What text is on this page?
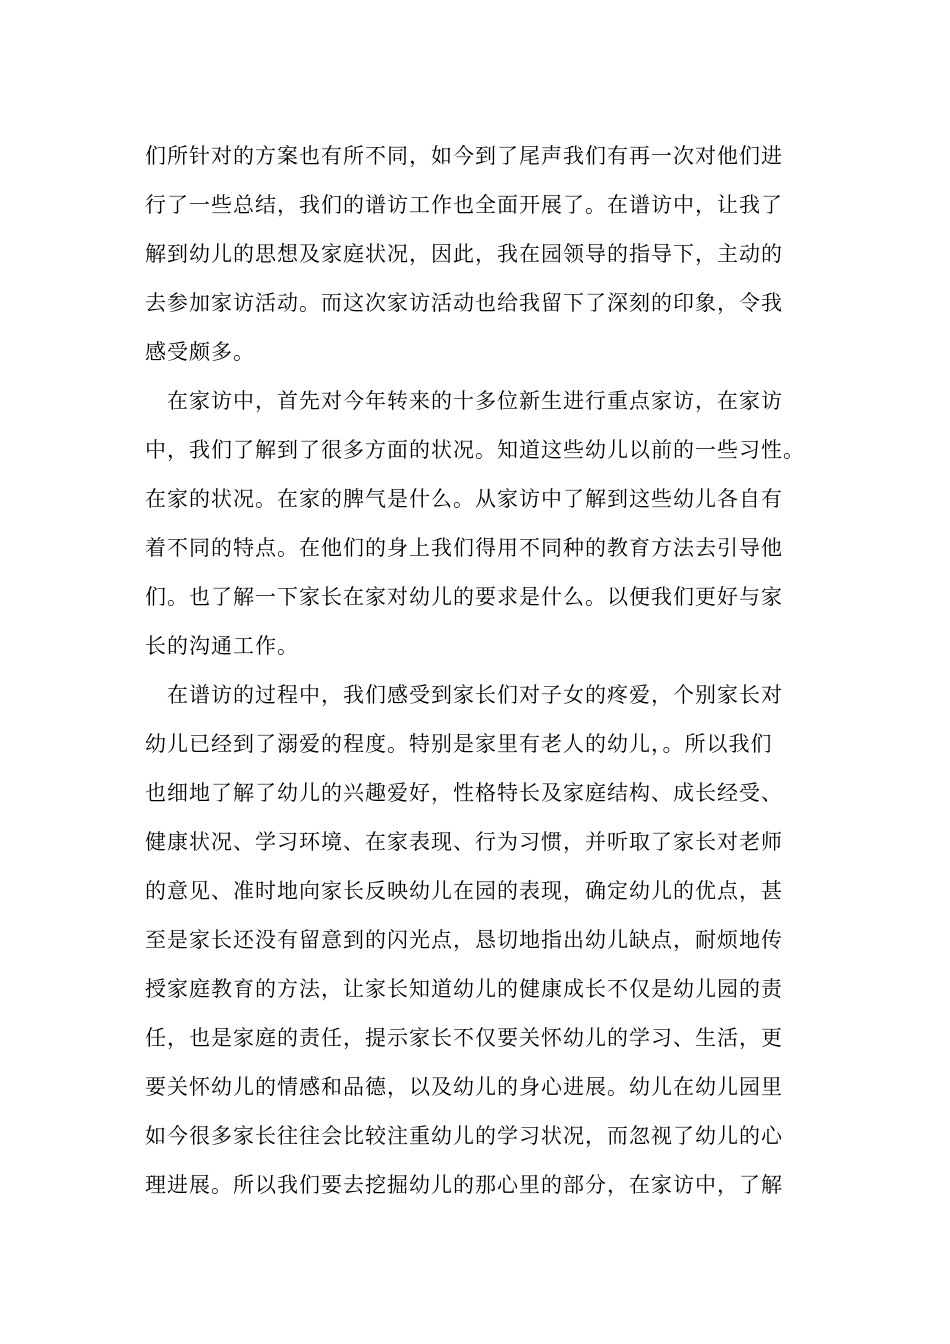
们所针对的方案也有所不同，如今到了尾声我们有再一次对他们进
行了一些总结，我们的谱访工作也全面开展了。在谱访中，让我了
解到幼儿的思想及家庭状况，因此，我在园领导的指导下，主动的
去参加家访活动。而这次家访活动也给我留下了深刻的印象，令我
感受颇多。
在家访中，首先对今年转来的十多位新生进行重点家访，在家访
中，我们了解到了很多方面的状况。知道这些幼儿以前的一些习性。
在家的状况。在家的脾气是什么。从家访中了解到这些幼儿各自有
着不同的特点。在他们的身上我们得用不同种的教育方法去引导他
们。也了解一下家长在家对幼儿的要求是什么。以便我们更好与家
长的沟通工作。
在谱访的过程中，我们感受到家长们对子女的疼爱，个别家长对
幼儿已经到了溺爱的程度。特别是家里有老人的幼儿，。所以我们
也细地了解了幼儿的兴趣爱好，性格特长及家庭结构、成长经受、
健康状况、学习环境、在家表现、行为习惯，并听取了家长对老师
的意见、准时地向家长反映幼儿在园的表现，确定幼儿的优点，甚
至是家长还没有留意到的闪光点，恳切地指出幼儿缺点，耐烦地传
授家庭教育的方法，让家长知道幼儿的健康成长不仅是幼儿园的责
任，也是家庭的责任，提示家长不仅要关怀幼儿的学习、生活，更
要关怀幼儿的情感和品德，以及幼儿的身心进展。幼儿在幼儿园里
如今很多家长往往会比较注重幼儿的学习状况，而忽视了幼儿的心
理进展。所以我们要去挖掘幼儿的那心里的部分，在家访中，了解
